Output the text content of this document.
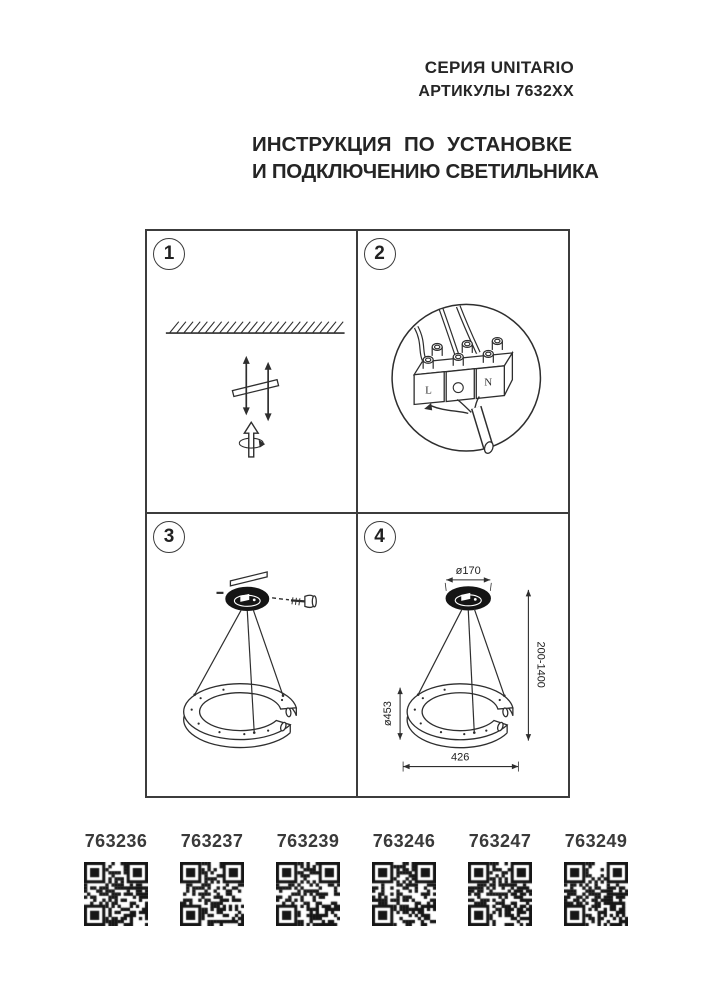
СЕРИЯ UNITARIO
АРТИКУЛЫ 7632XX
ИНСТРУКЦИЯ ПО УСТАНОВКЕ
И ПОДКЛЮЧЕНИЮ СВЕТИЛЬНИКА
1	2
L
N
3	4
ø170
200-1400
ø453
426
763236 763237 763239 763246 763247 763249
